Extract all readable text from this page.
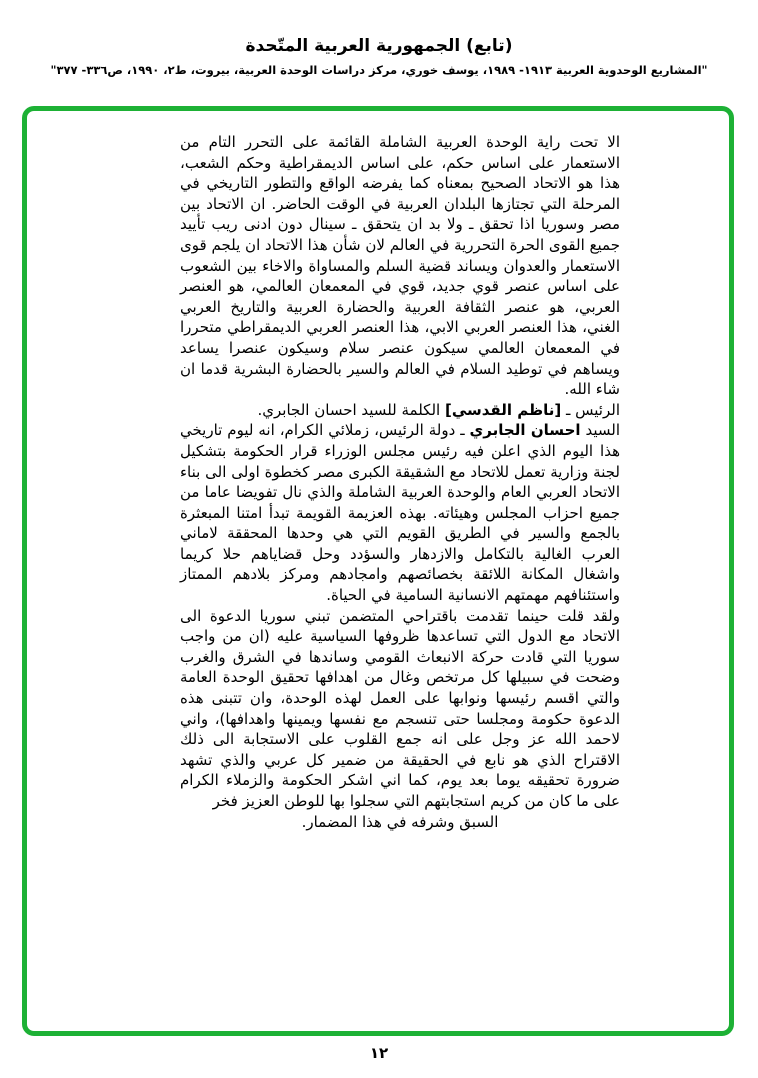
(تابع) الجمهورية العربية المتّحدة
"المشاريع الوحدوية العربية ١٩١٣- ١٩٨٩، يوسف خوري، مركز دراسات الوحدة العربية، بيروت، ط٢، ١٩٩٠، ص٣٣٦- ٣٧٧"

الا تحت راية الوحدة العربية الشاملة القائمة على التحرر التام من الاستعمار على اساس حكم، على اساس الديمقراطية وحكم الشعب، هذا هو الاتحاد الصحيح بمعناه كما يفرضه الواقع والتطور التاريخي في المرحلة التي تجتازها البلدان العربية في الوقت الحاضر. ان الاتحاد بين مصر وسوريا اذا تحقق ـ ولا بد ان يتحقق ـ سينال دون ادنى ريب تأييد جميع القوى الحرة التحررية في العالم لان شأن هذا الاتحاد ان يلجم قوى الاستعمار والعدوان ويساند قضية السلم والمساواة والاخاء بين الشعوب على اساس عنصر قوي جديد، قوي في المعمعان العالمي، هو العنصر العربي، هو عنصر الثقافة العربية والحضارة العربية والتاريخ العربي الغني، هذا العنصر العربي الابي، هذا العنصر العربي الديمقراطي متحررا في المعمعان العالمي سيكون عنصر سلام وسيكون عنصرا يساعد ويساهم في توطيد السلام في العالم والسير بالحضارة البشرية قدما ان شاء الله.

الرئيس ـ [ناظم القدسي] الكلمة للسيد احسان الجابري.

السيد احسان الجابري ـ دولة الرئيس، زملائي الكرام، انه ليوم تاريخي هذا اليوم الذي اعلن فيه رئيس مجلس الوزراء قرار الحكومة بتشكيل لجنة وزارية تعمل للاتحاد مع الشقيقة الكبرى مصر كخطوة اولى الى بناء الاتحاد العربي العام والوحدة العربية الشاملة والذي نال تفويضا عاما من جميع احزاب المجلس وهيئاته. بهذه العزيمة القويمة تبدأ امتنا المبعثرة بالجمع والسير في الطريق القويم التي هي وحدها المحققة لاماني العرب الغالية بالتكامل والازدهار والسؤدد وحل قضاياهم حلا كريما واشغال المكانة اللائقة بخصائصهم وامجادهم ومركز بلادهم الممتاز واستئنافهم مهمتهم الانسانية السامية في الحياة.

ولقد قلت حينما تقدمت باقتراحي المتضمن تبني سوريا الدعوة الى الاتحاد مع الدول التي تساعدها ظروفها السياسية عليه (ان من واجب سوريا التي قادت حركة الانبعاث القومي وساندها في الشرق والغرب وضحت في سبيلها كل مرتخص وغال من اهدافها تحقيق الوحدة العامة والتي اقسم رئيسها ونوابها على العمل لهذه الوحدة، وان تتبنى هذه الدعوة حكومة ومجلسا حتى تنسجم مع نفسها ويمينها واهدافها)، واني لاحمد الله عز وجل على انه جمع القلوب على الاستجابة الى ذلك الاقتراح الذي هو نابع في الحقيقة من ضمير كل عربي والذي تشهد ضرورة تحقيقه يوما بعد يوم، كما اني اشكر الحكومة والزملاء الكرام على ما كان من كريم استجابتهم التي سجلوا بها للوطن العزيز فخر

السبق وشرفه في هذا المضمار.

١٢
